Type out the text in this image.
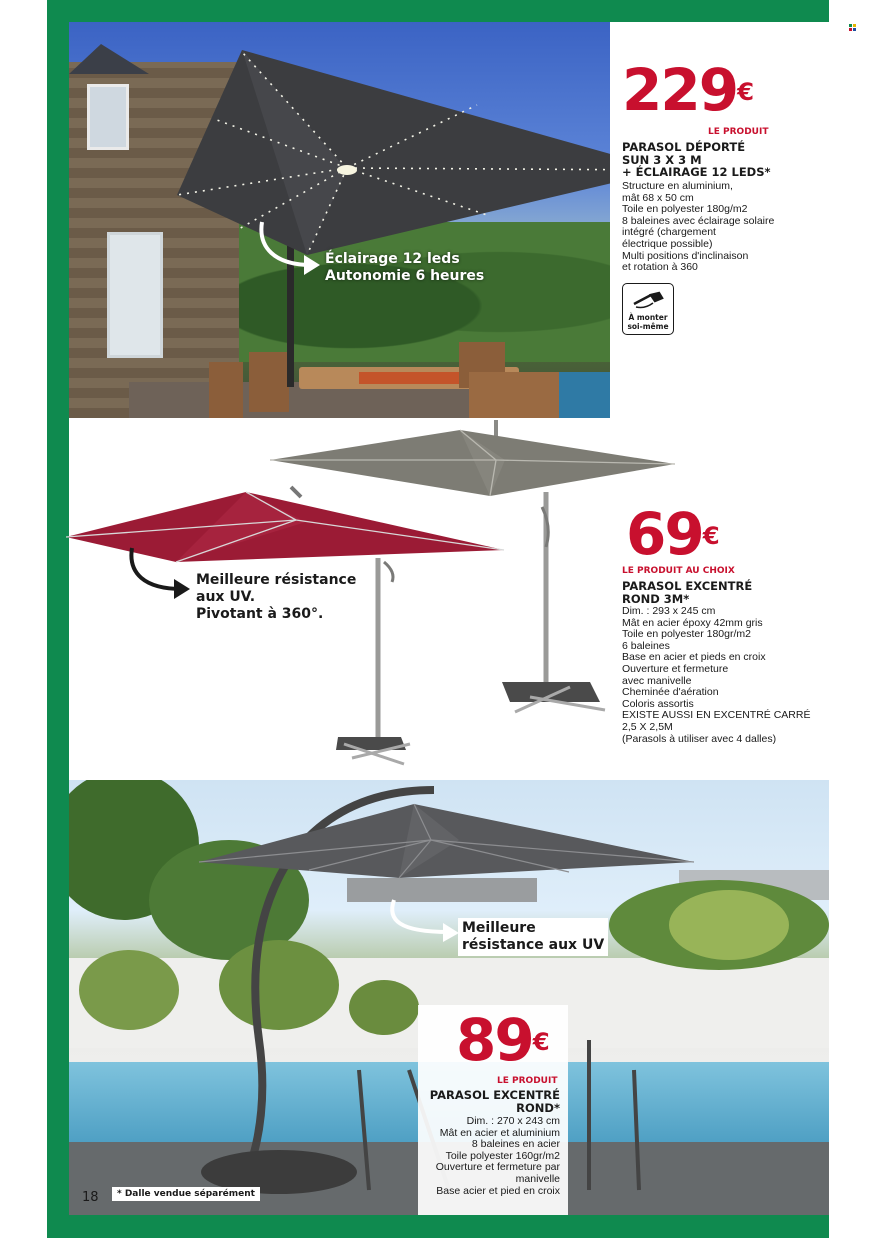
Éclairage 12 leds
Autonomie 6 heures
229€
LE PRODUIT
PARASOL DÉPORTÉ
SUN 3 X 3 M
+ ÉCLAIRAGE 12 LEDS*
Structure en aluminium,
mât 68 x 50 cm
Toile en polyester 180g/m2
8 baleines avec éclairage solaire
intégré (chargement
électrique possible)
Multi positions d'inclinaison
et rotation à 360
À monter
soi-même
Meilleure résistance
aux UV.
Pivotant à 360°.
69€
LE PRODUIT AU CHOIX
PARASOL EXCENTRÉ
ROND 3M*
Dim. : 293 x 245 cm
Mât en acier époxy 42mm gris
Toile en polyester 180gr/m2
6 baleines
Base en acier et pieds en croix
Ouverture et fermeture
avec manivelle
Cheminée d'aération
Coloris assortis
EXISTE AUSSI EN EXCENTRÉ CARRÉ
2,5 X 2,5M
(Parasols à utiliser avec 4 dalles)
Meilleure
résistance aux UV
89€
LE PRODUIT
PARASOL EXCENTRÉ
ROND*
Dim. : 270 x 243 cm
Mât en acier et aluminium
8 baleines en acier
Toile polyester 160gr/m2
Ouverture et fermeture par
manivelle
Base acier et pied en croix
18	* Dalle vendue séparément
